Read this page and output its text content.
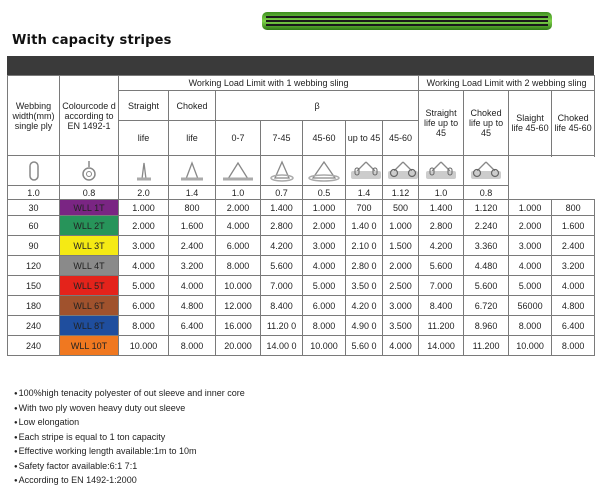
With capacity stripes
Webbing width(mm) single ply	Colourcode d according to EN 1492-1	Working Load Limit with 1 webbing sling							Working Load Limit with 2 webbing sling			
		Straight	Choked	β					Straight life up to 45	Choked life up to 45	Slaight life 45-60	Choked life 45-60
		life	life	0-7	7-45	45-60	up to 45	45-60				

1.0	0.8	2.0	1.4	1.0	0.7	0.5	1.4	1.12	1.0	0.8		
30	WLL 1T	1.000	800	2.000	1.400	1.000	700	500	1.400	1.120	1.000	800
60	WLL 2T	2.000	1.600	4.000	2.800	2.000	1.40 0	1.000	2.800	2.240	2.000	1.600
90	WLL 3T	3.000	2.400	6.000	4.200	3.000	2.10 0	1.500	4.200	3.360	3.000	2.400
120	WLL 4T	4.000	3.200	8.000	5.600	4.000	2.80 0	2.000	5.600	4.480	4.000	3.200
150	WLL 5T	5.000	4.000	10.000	7.000	5.000	3.50 0	2.500	7.000	5.600	5.000	4.000
180	WLL 6T	6.000	4.800	12.000	8.400	6.000	4.20 0	3.000	8.400	6.720	56000	4.800
240	WLL 8T	8.000	6.400	16.000	11.20 0	8.000	4.90 0	3.500	11.200	8.960	8.000	6.400
240	WLL 10T	10.000	8.000	20.000	14.00 0	10.000	5.60 0	4.000	14.000	11.200	10.000	8.000
● 100%high tenacity polyester of out sleeve and inner core
● With two ply woven heavy duty out sleeve
● Low elongation
● Each stripe is equal to 1 ton capacity
● Effective working length available:1m to 10m
● Safety factor available:6:1 7:1
● According to EN 1492-1:2000
